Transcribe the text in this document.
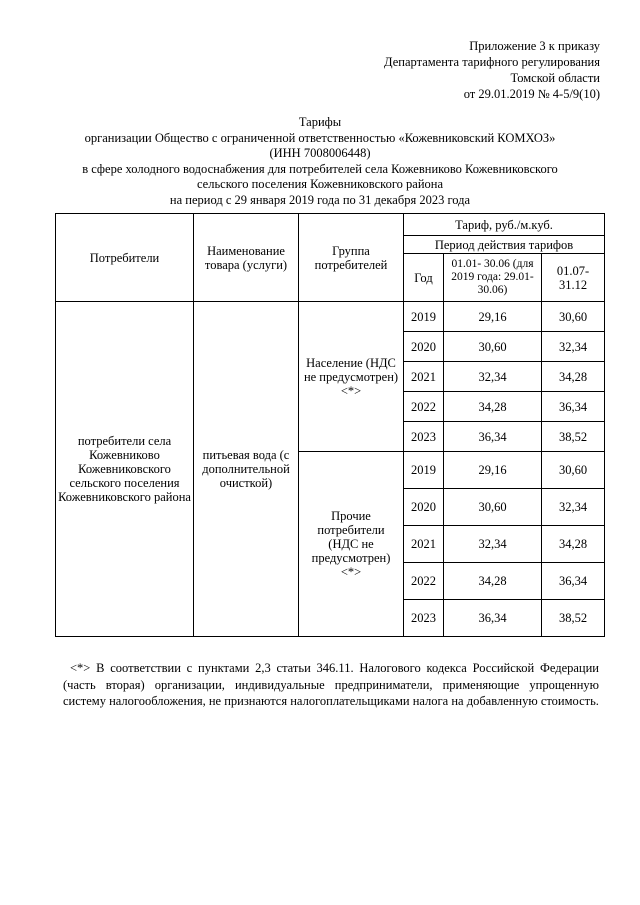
Приложение 3 к приказу
Департамента тарифного регулирования
Томской области
от 29.01.2019 № 4-5/9(10)
Тарифы
организации Общество с ограниченной ответственностью «Кожевниковский КОМХОЗ»
(ИНН 7008006448)
в сфере холодного водоснабжения для потребителей села Кожевниково Кожевниковского
сельского поселения Кожевниковского района
на период с 29 января 2019 года по 31 декабря 2023 года
Потребители	Наименование товара (услуги)	Группа потребителей	Тариф, руб./м.куб.		
			Период действия тарифов		
			Год	01.01- 30.06 (для 2019 года: 29.01-30.06)	01.07- 31.12
потребители села Кожевниково Кожевниковского сельского поселения Кожевниковского района	питьевая вода (с дополнительной очисткой)	Население (НДС не предусмотрен) <*>	2019	29,16	30,60
			2020	30,60	32,34
			2021	32,34	34,28
			2022	34,28	36,34
			2023	36,34	38,52
		Прочие потребители (НДС не предусмотрен) <*>	2019	29,16	30,60
			2020	30,60	32,34
			2021	32,34	34,28
			2022	34,28	36,34
			2023	36,34	38,52
<*> В соответствии с пунктами 2,3 статьи 346.11. Налогового кодекса Российской Федерации (часть вторая) организации, индивидуальные предприниматели, применяющие упрощенную систему налогообложения, не признаются налогоплательщиками налога на добавленную стоимость.
